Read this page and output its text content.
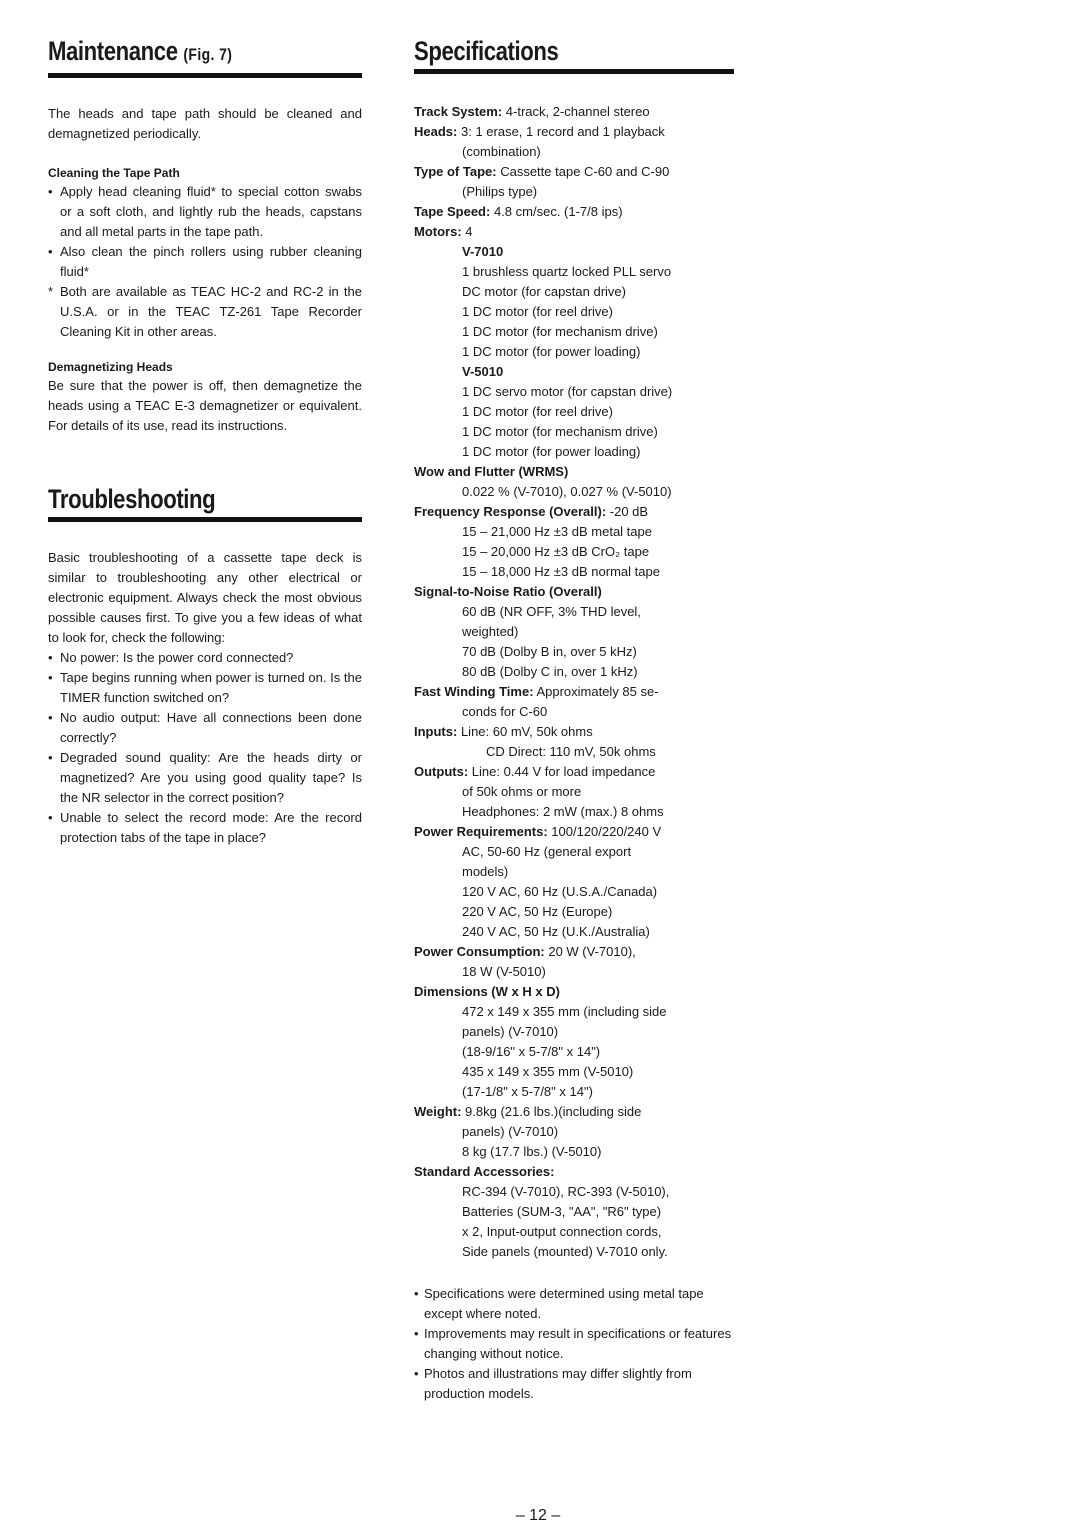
Maintenance (Fig. 7)

The heads and tape path should be cleaned and demagnetized periodically.

Cleaning the Tape Path

• Apply head cleaning fluid* to special cotton swabs or a soft cloth, and lightly rub the heads, capstans and all metal parts in the tape path.
• Also clean the pinch rollers using rubber cleaning fluid*
* Both are available as TEAC HC-2 and RC-2 in the U.S.A. or in the TEAC TZ-261 Tape Recorder Cleaning Kit in other areas.

Demagnetizing Heads

Be sure that the power is off, then demagnetize the heads using a TEAC E-3 demagnetizer or equivalent. For details of its use, read its instructions.

Troubleshooting

Basic troubleshooting of a cassette tape deck is similar to troubleshooting any other electrical or electronic equipment. Always check the most obvious possible causes first. To give you a few ideas of what to look for, check the following:

• No power: Is the power cord connected?
• Tape begins running when power is turned on. Is the TIMER function switched on?
• No audio output: Have all connections been done correctly?
• Degraded sound quality: Are the heads dirty or magnetized? Are you using good quality tape? Is the NR selector in the correct position?
• Unable to select the record mode: Are the record protection tabs of the tape in place?
Specifications

Track System: 4-track, 2-channel stereo

Heads: 3: 1 erase, 1 record and 1 playback

(combination)

Type of Tape: Cassette tape C-60 and C-90

(Philips type)

Tape Speed: 4.8 cm/sec. (1-7/8 ips)

Motors: 4

V-7010

1 brushless quartz locked PLL servo

DC motor (for capstan drive)

1 DC motor (for reel drive)

1 DC motor (for mechanism drive)

1 DC motor (for power loading)

V-5010

1 DC servo motor (for capstan drive)

1 DC motor (for reel drive)

1 DC motor (for mechanism drive)

1 DC motor (for power loading)

Wow and Flutter (WRMS)

0.022 % (V-7010), 0.027 % (V-5010)

Frequency Response (Overall): -20 dB

15 – 21,000 Hz ±3 dB metal tape

15 – 20,000 Hz ±3 dB CrO₂ tape

15 – 18,000 Hz ±3 dB normal tape

Signal-to-Noise Ratio (Overall)

60 dB (NR OFF, 3% THD level,

weighted)

70 dB (Dolby B in, over 5 kHz)

80 dB (Dolby C in, over 1 kHz)

Fast Winding Time: Approximately 85 se-

conds for C-60

Inputs: Line: 60 mV, 50k ohms

CD Direct: 110 mV, 50k ohms

Outputs: Line: 0.44 V for load impedance

of 50k ohms or more

Headphones: 2 mW (max.) 8 ohms

Power Requirements: 100/120/220/240 V

AC, 50-60 Hz (general export

models)

120 V AC, 60 Hz (U.S.A./Canada)

220 V AC, 50 Hz (Europe)

240 V AC, 50 Hz (U.K./Australia)

Power Consumption: 20 W (V-7010),

18 W (V-5010)

Dimensions (W x H x D)

472 x 149 x 355 mm (including side

panels) (V-7010)

(18-9/16" x 5-7/8" x 14")

435 x 149 x 355 mm (V-5010)

(17-1/8" x 5-7/8" x 14")

Weight: 9.8kg (21.6 lbs.)(including side

panels) (V-7010)

8 kg (17.7 lbs.) (V-5010)

Standard Accessories:

RC-394 (V-7010), RC-393 (V-5010),

Batteries (SUM-3, "AA", "R6" type)

x 2, Input-output connection cords,

Side panels (mounted) V-7010 only.

• Specifications were determined using metal tape except where noted.
• Improvements may result in specifications or features changing without notice.
• Photos and illustrations may differ slightly from production models.
– 12 –
